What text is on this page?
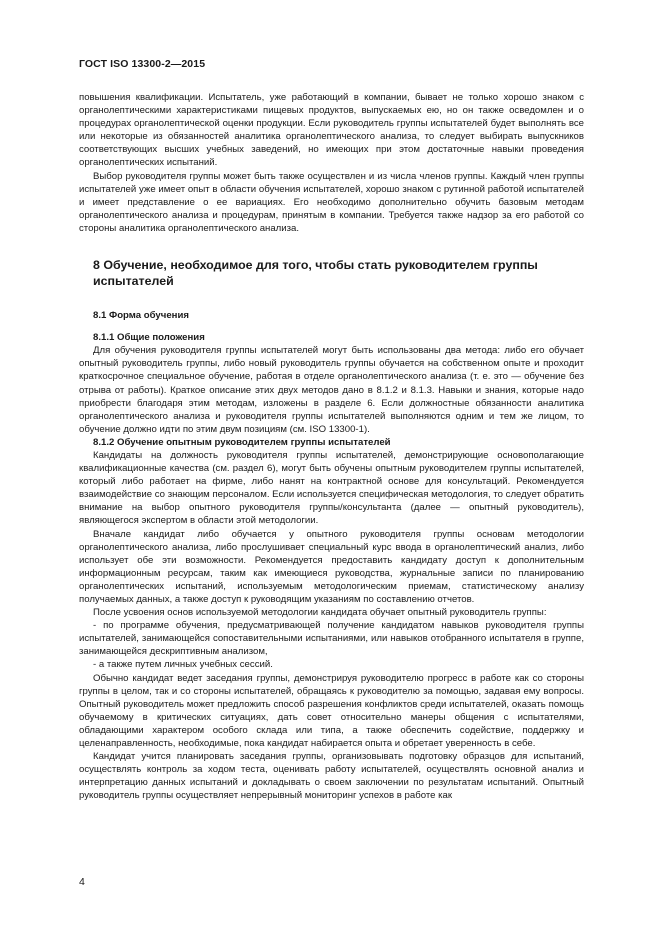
ГОСТ ISO 13300-2—2015

повышения квалификации. Испытатель, уже работающий в компании, бывает не только хорошо знаком с органолептическими характеристиками пищевых продуктов, выпускаемых ею, но он также осведомлен и о процедурах органолептической оценки продукции. Если руководитель группы испытателей будет выполнять все или некоторые из обязанностей аналитика органолептического анализа, то следует выбирать выпускников соответствующих высших учебных заведений, но имеющих при этом достаточные навыки проведения органолептических испытаний.

Выбор руководителя группы может быть также осуществлен и из числа членов группы. Каждый член группы испытателей уже имеет опыт в области обучения испытателей, хорошо знаком с рутинной работой испытателей и имеет представление о ее вариациях. Его необходимо дополнительно обучить базовым методам органолептического анализа и процедурам, принятым в компании. Требуется также надзор за его работой со стороны аналитика органолептического анализа.

8 Обучение, необходимое для того, чтобы стать руководителем группы испытателей
8.1 Форма обучения
8.1.1 Общие положения

Для обучения руководителя группы испытателей могут быть использованы два метода: либо его обучает опытный руководитель группы, либо новый руководитель группы обучается на собственном опыте и проходит краткосрочное специальное обучение, работая в отделе органолептического анализа (т. е. это — обучение без отрыва от работы). Краткое описание этих двух методов дано в 8.1.2 и 8.1.3. Навыки и знания, которые надо приобрести благодаря этим методам, изложены в разделе 6. Если должностные обязанности аналитика органолептического анализа и руководителя группы испытателей выполняются одним и тем же лицом, то обучение должно идти по этим двум позициям (см. ISO 13300-1).

8.1.2 Обучение опытным руководителем группы испытателей

Кандидаты на должность руководителя группы испытателей, демонстрирующие основополагающие квалификационные качества (см. раздел 6), могут быть обучены опытным руководителем группы испытателей, который либо работает на фирме, либо нанят на контрактной основе для консультаций. Рекомендуется взаимодействие со знающим персоналом. Если используется специфическая методология, то следует обратить внимание на выбор опытного руководителя группы/консультанта (далее — опытный руководитель), являющегося экспертом в области этой методологии.

Вначале кандидат либо обучается у опытного руководителя группы основам методологии органолептического анализа, либо прослушивает специальный курс ввода в органолептический анализ, либо использует обе эти возможности. Рекомендуется предоставить кандидату доступ к дополнительным информационным ресурсам, таким как имеющиеся руководства, журнальные записи по планированию органолептических испытаний, используемым методологическим приемам, статистическому анализу получаемых данных, а также доступ к руководящим указаниям по составлению отчетов.

После усвоения основ используемой методологии кандидата обучает опытный руководитель группы:

- по программе обучения, предусматривающей получение кандидатом навыков руководителя группы испытателей, занимающейся сопоставительными испытаниями, или навыков отобранного испытателя в группе, занимающейся дескриптивным анализом,

- а также путем личных учебных сессий.

Обычно кандидат ведет заседания группы, демонстрируя руководителю прогресс в работе как со стороны группы в целом, так и со стороны испытателей, обращаясь к руководителю за помощью, задавая ему вопросы. Опытный руководитель может предложить способ разрешения конфликтов среди испытателей, оказать помощь обучаемому в критических ситуациях, дать совет относительно манеры общения с испытателями, обладающими характером особого склада или типа, а также обеспечить содействие, поддержку и целенаправленность, необходимые, пока кандидат набирается опыта и обретает уверенность в себе.

Кандидат учится планировать заседания группы, организовывать подготовку образцов для испытаний, осуществлять контроль за ходом теста, оценивать работу испытателей, осуществлять основной анализ и интерпретацию данных испытаний и докладывать о своем заключении по результатам испытаний. Опытный руководитель группы осуществляет непрерывный мониторинг успехов в работе как

4
